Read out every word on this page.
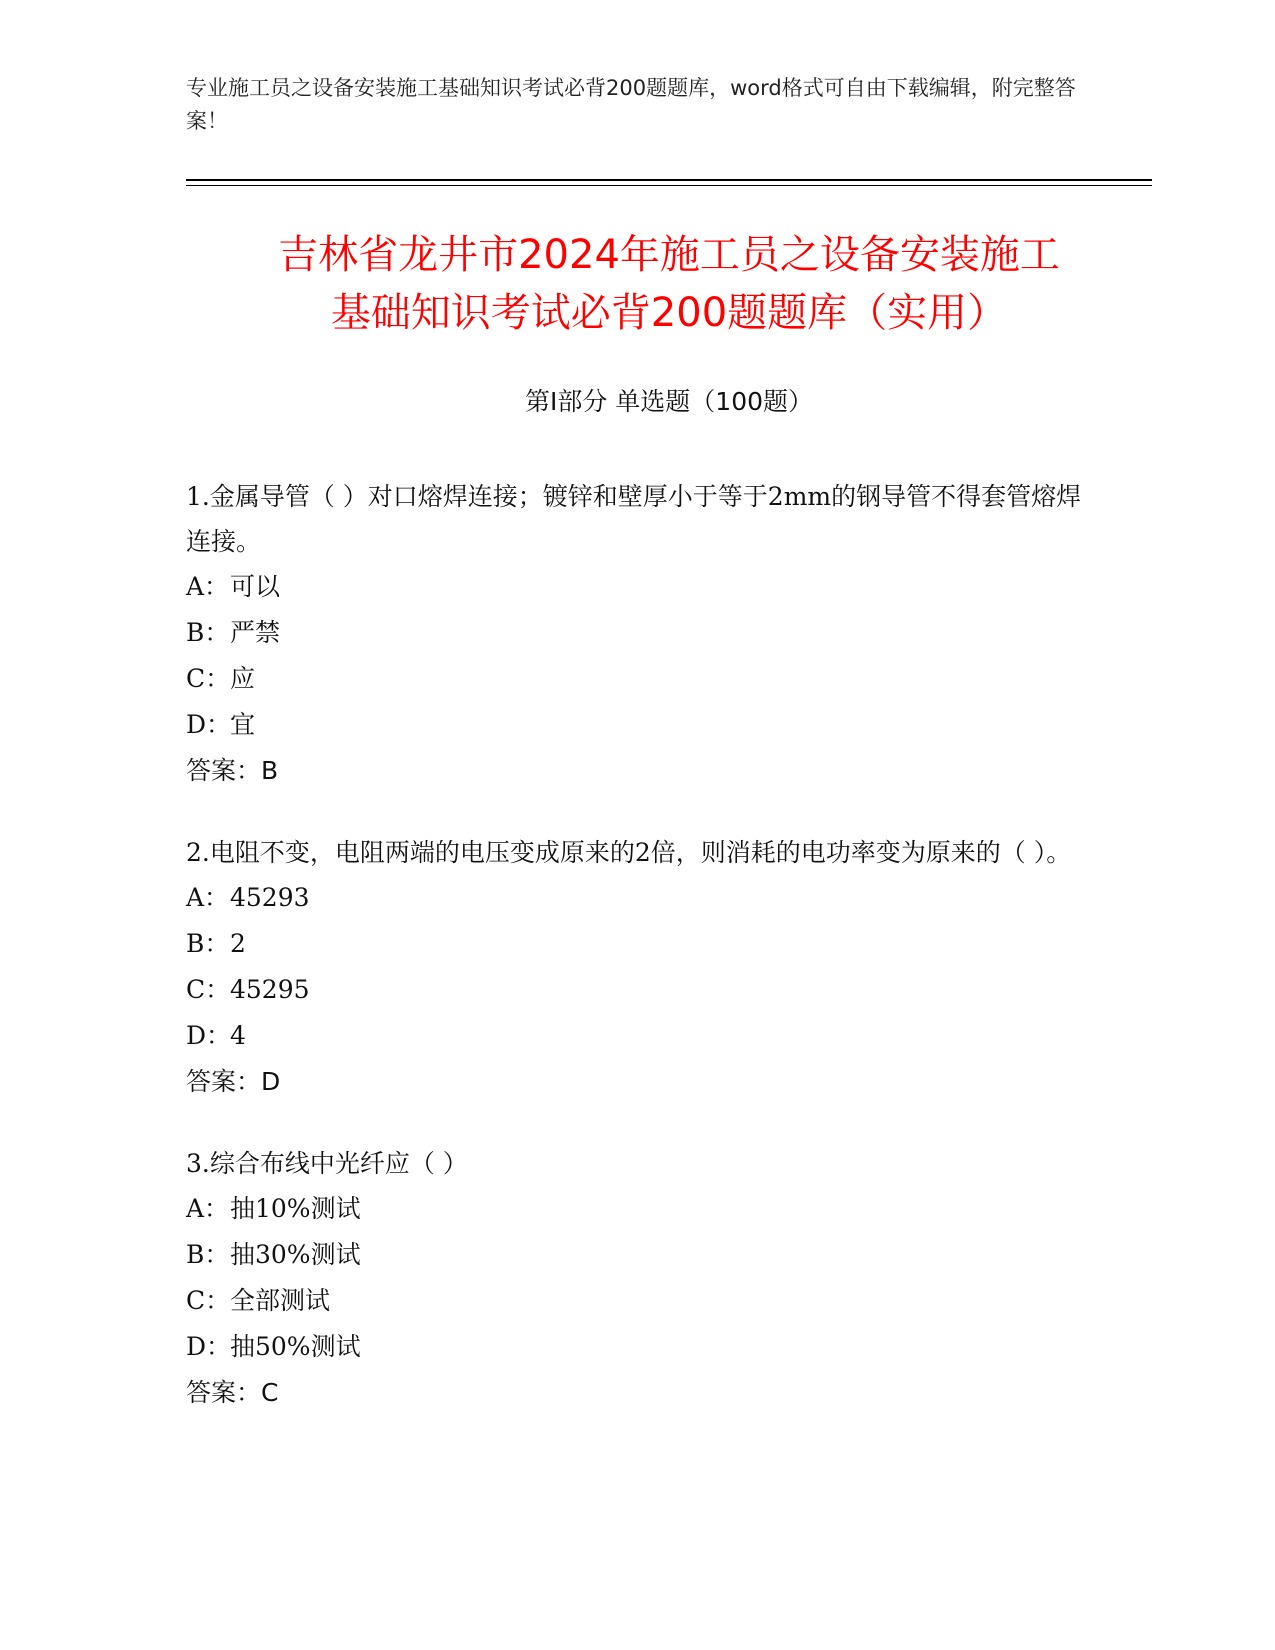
专业施工员之设备安装施工基础知识考试必背200题题库，word格式可自由下载编辑，附完整答案！
吉林省龙井市2024年施工员之设备安装施工
基础知识考试必背200题题库（实用）
第I部分 单选题（100题）
1.金属导管（ ）对口熔焊连接；镀锌和壁厚小于等于2mm的钢导管不得套管熔焊连接。
A：可以
B：严禁
C：应
D：宜
答案：B
2.电阻不变，电阻两端的电压变成原来的2倍，则消耗的电功率变为原来的（ ）。
A：45293
B：2
C：45295
D：4
答案：D
3.综合布线中光纤应（ ）
A：抽10%测试
B：抽30%测试
C：全部测试
D：抽50%测试
答案：C
